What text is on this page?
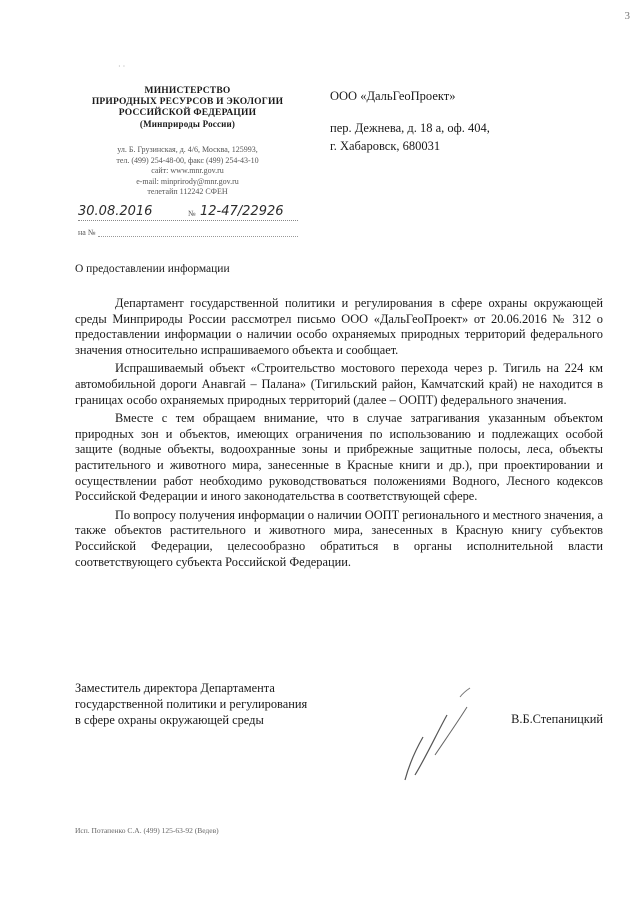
3
· ·
МИНИСТЕРСТВО
ПРИРОДНЫХ РЕСУРСОВ И ЭКОЛОГИИ
РОССИЙСКОЙ ФЕДЕРАЦИИ
(Минприроды России)
ул. Б. Грузинская, д. 4/6, Москва, 125993,
тел. (499) 254-48-00, факс (499) 254-43-10
сайт: www.mnr.gov.ru
e-mail: minprirody@mnr.gov.ru
телетайп 112242 СФЕН
30.08.2016	№ 12-47/22926
на №
ООО «ДальГеоПроект»
пер. Дежнева, д. 18 а, оф. 404,
г. Хабаровск, 680031
О предоставлении информации

Департамент государственной политики и регулирования в сфере охраны окружающей среды Минприроды России рассмотрел письмо ООО «ДальГеоПроект» от 20.06.2016 № 312 о предоставлении информации о наличии особо охраняемых природных территорий федерального значения относительно испрашиваемого объекта и сообщает.

Испрашиваемый объект «Строительство мостового перехода через р. Тигиль на 224 км автомобильной дороги Анавгай – Палана» (Тигильский район, Камчатский край) не находится в границах особо охраняемых природных территорий (далее – ООПТ) федерального значения.

Вместе с тем обращаем внимание, что в случае затрагивания указанным объектом природных зон и объектов, имеющих ограничения по использованию и подлежащих особой защите (водные объекты, водоохранные зоны и прибрежные защитные полосы, леса, объекты растительного и животного мира, занесенные в Красные книги и др.), при проектировании и осуществлении работ необходимо руководствоваться положениями Водного, Лесного кодексов Российской Федерации и иного законодательства в соответствующей сфере.

По вопросу получения информации о наличии ООПТ регионального и местного значения, а также объектов растительного и животного мира, занесенных в Красную книгу субъектов Российской Федерации, целесообразно обратиться в органы исполнительной власти соответствующего субъекта Российской Федерации.

Заместитель директора Департамента
государственной политики и регулирования
в сфере охраны окружающей среды	В.Б.Степаницкий
Исп. Потапенко С.А. (499) 125-63-92 (Ведев)
